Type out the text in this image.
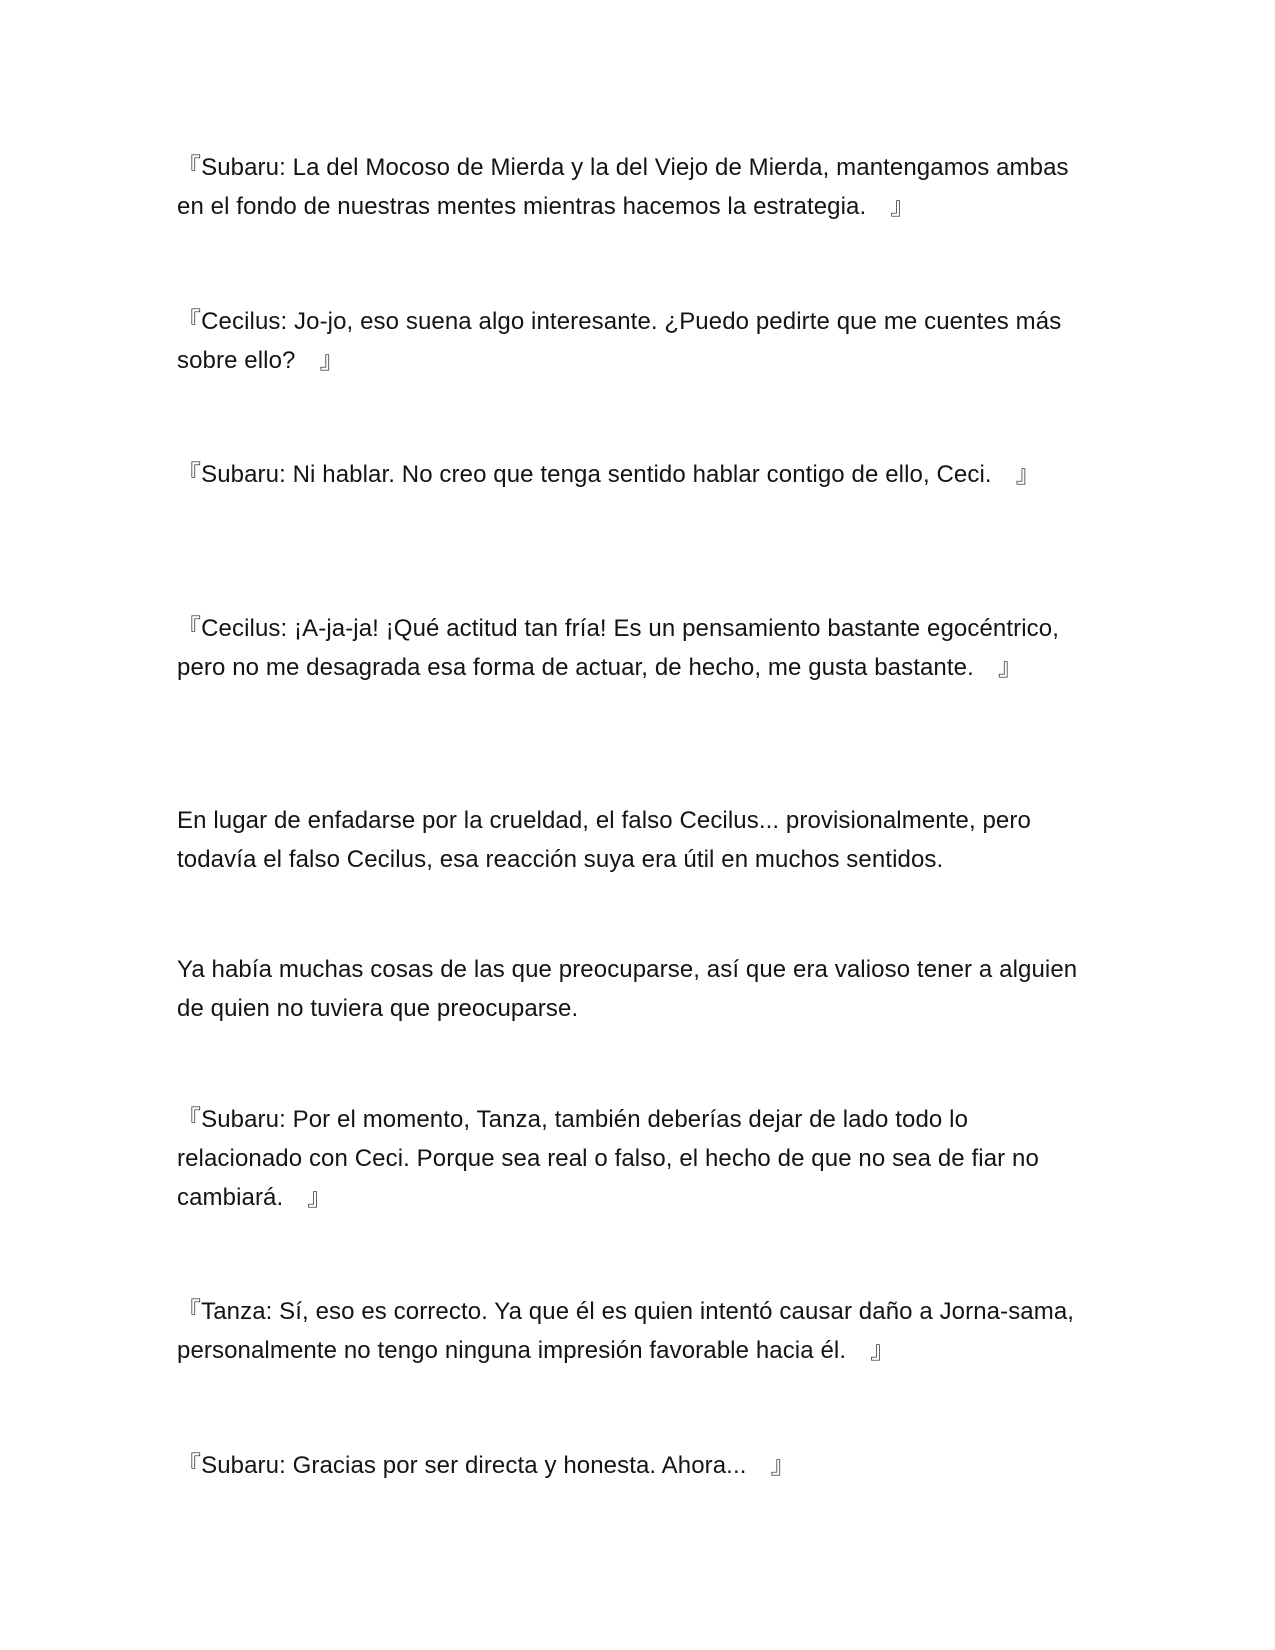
『Subaru: La del Mocoso de Mierda y la del Viejo de Mierda, mantengamos ambas en el fondo de nuestras mentes mientras hacemos la estrategia.　』

『Cecilus: Jo-jo, eso suena algo interesante. ¿Puedo pedirte que me cuentes más sobre ello?　』

『Subaru: Ni hablar. No creo que tenga sentido hablar contigo de ello, Ceci.　』

『Cecilus: ¡A-ja-ja! ¡Qué actitud tan fría! Es un pensamiento bastante egocéntrico, pero no me desagrada esa forma de actuar, de hecho, me gusta bastante.　』

En lugar de enfadarse por la crueldad, el falso Cecilus... provisionalmente, pero todavía el falso Cecilus, esa reacción suya era útil en muchos sentidos.

Ya había muchas cosas de las que preocuparse, así que era valioso tener a alguien de quien no tuviera que preocuparse.

『Subaru: Por el momento, Tanza, también deberías dejar de lado todo lo relacionado con Ceci. Porque sea real o falso, el hecho de que no sea de fiar no cambiará.　』

『Tanza: Sí, eso es correcto. Ya que él es quien intentó causar daño a Jorna-sama, personalmente no tengo ninguna impresión favorable hacia él.　』

『Subaru: Gracias por ser directa y honesta. Ahora...　』
